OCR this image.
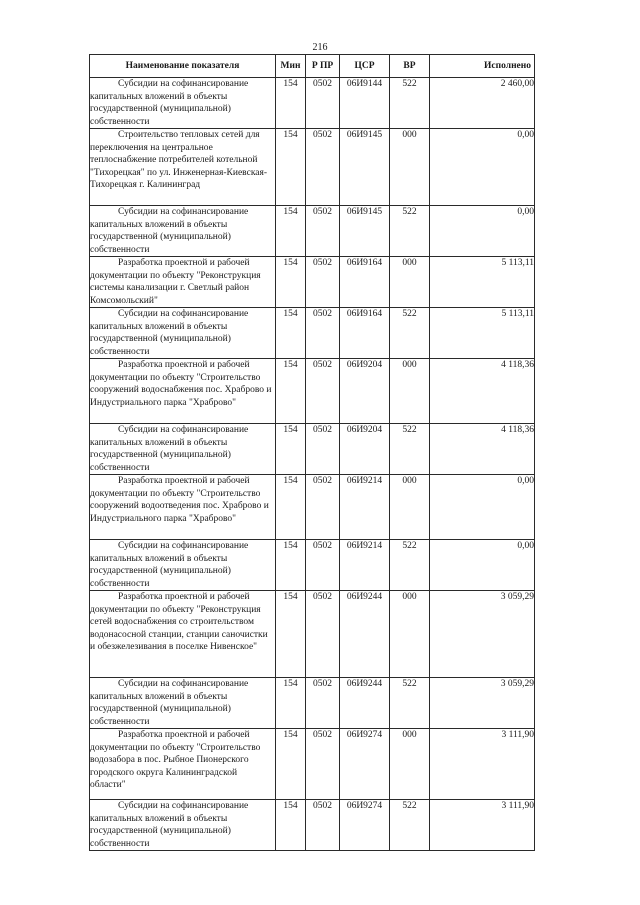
216
Наименование показателя	Мин	Р ПР	ЦСР	ВР	Исполнено

Субсидии на софинансирование капитальных вложений в объекты государственной (муниципальной) собственности	154	0502	06И9144	522	2 460,00

Строительство тепловых сетей для переключения на центральное теплоснабжение потребителей котельной "Тихорецкая" по ул. Инженерная-Киевская-Тихорецкая г. Калининград	154	0502	06И9145	000	0,00

Субсидии на софинансирование капитальных вложений в объекты государственной (муниципальной) собственности	154	0502	06И9145	522	0,00

Разработка проектной и рабочей документации по объекту "Реконструкция системы канализации г. Светлый район Комсомольский"	154	0502	06И9164	000	5 113,11

Субсидии на софинансирование капитальных вложений в объекты государственной (муниципальной) собственности	154	0502	06И9164	522	5 113,11

Разработка проектной и рабочей документации по объекту "Строительство сооружений водоснабжения пос. Храброво и Индустриального парка "Храброво"	154	0502	06И9204	000	4 118,36

Субсидии на софинансирование капитальных вложений в объекты государственной (муниципальной) собственности	154	0502	06И9204	522	4 118,36

Разработка проектной и рабочей документации по объекту "Строительство сооружений водоотведения пос. Храброво и Индустриального парка "Храброво"	154	0502	06И9214	000	0,00

Субсидии на софинансирование капитальных вложений в объекты государственной (муниципальной) собственности	154	0502	06И9214	522	0,00

Разработка проектной и рабочей документации по объекту "Реконструкция сетей водоснабжения со строительством водонасосной станции, станции саночистки и обезжелезивания в поселке Нивенское"	154	0502	06И9244	000	3 059,29

Субсидии на софинансирование капитальных вложений в объекты государственной (муниципальной) собственности	154	0502	06И9244	522	3 059,29

Разработка проектной и рабочей документации по объекту "Строительство водозабора в пос. Рыбное Пионерского городского округа Калининградской области"	154	0502	06И9274	000	3 111,90

Субсидии на софинансирование капитальных вложений в объекты государственной (муниципальной) собственности	154	0502	06И9274	522	3 111,90
